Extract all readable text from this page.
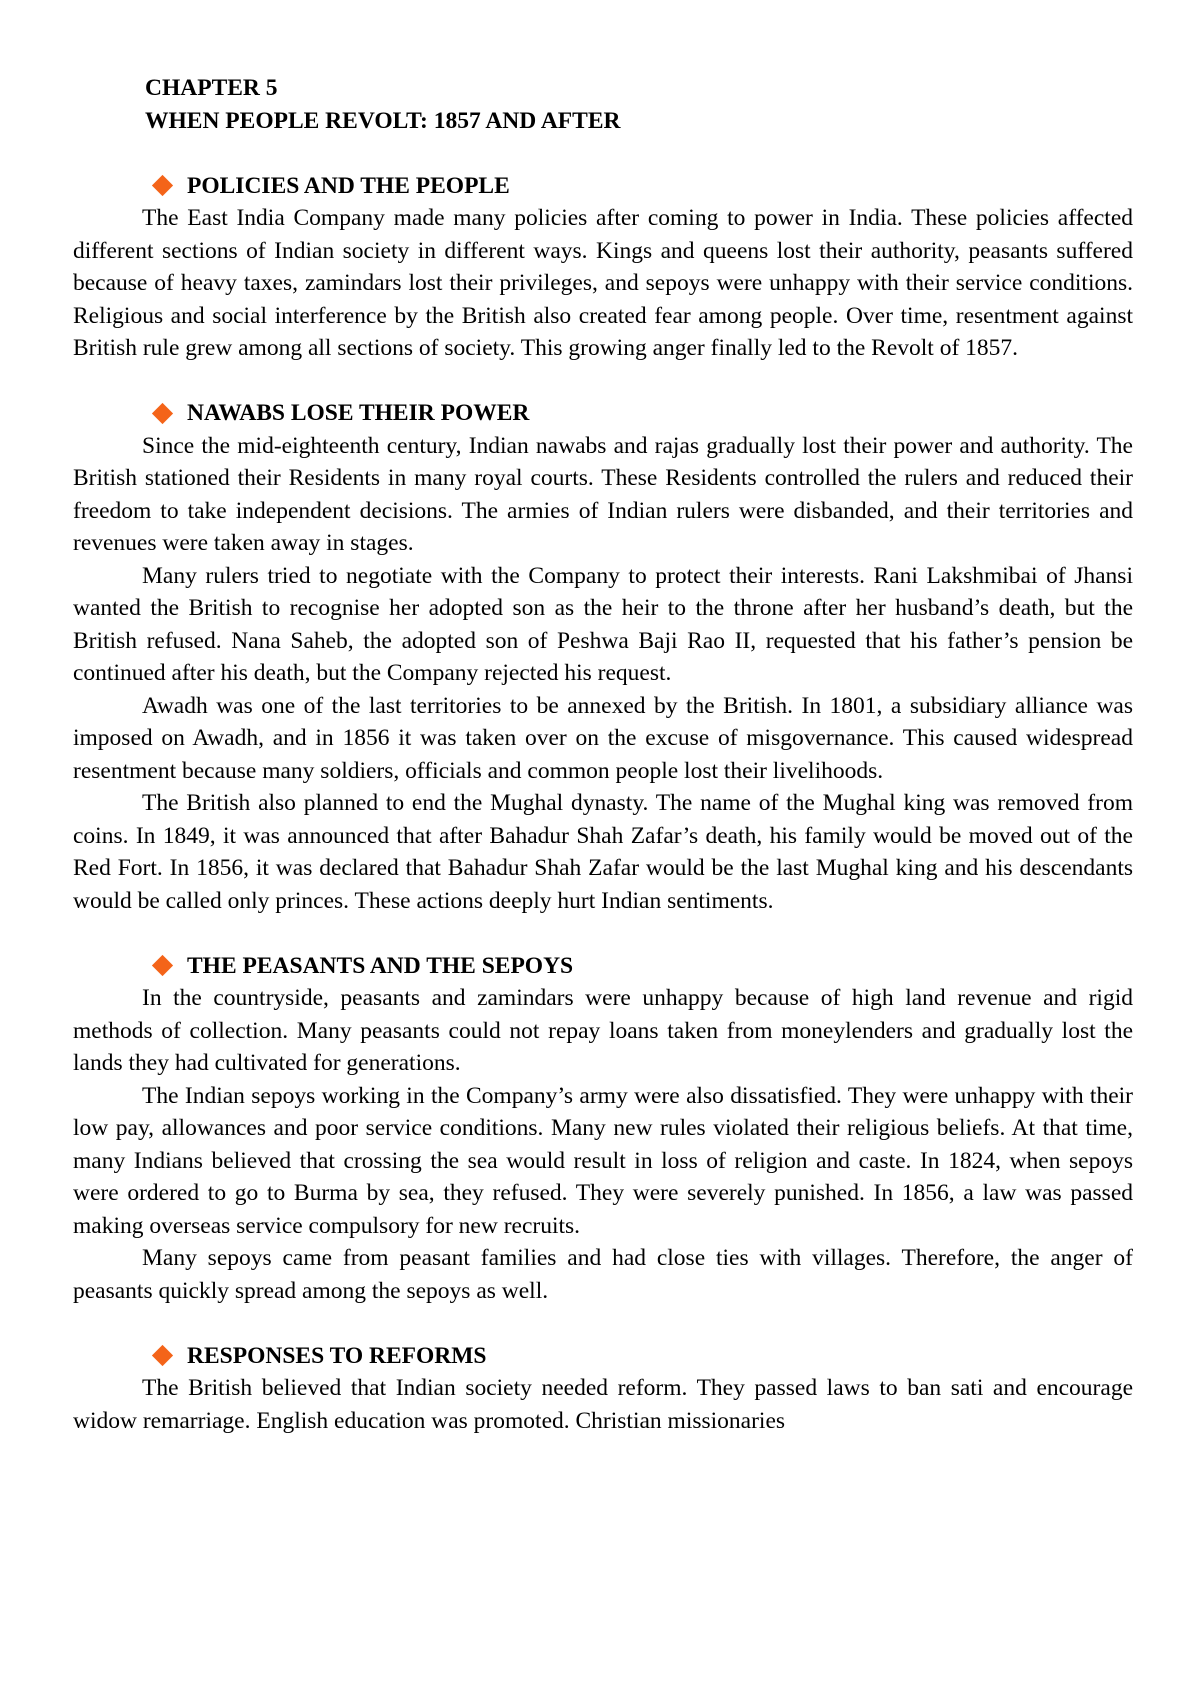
CHAPTER 5
WHEN PEOPLE REVOLT: 1857 AND AFTER
POLICIES AND THE PEOPLE

The East India Company made many policies after coming to power in India. These policies affected different sections of Indian society in different ways. Kings and queens lost their authority, peasants suffered because of heavy taxes, zamindars lost their privileges, and sepoys were unhappy with their service conditions. Religious and social interference by the British also created fear among people. Over time, resentment against British rule grew among all sections of society. This growing anger finally led to the Revolt of 1857.

NAWABS LOSE THEIR POWER

Since the mid-eighteenth century, Indian nawabs and rajas gradually lost their power and authority. The British stationed their Residents in many royal courts. These Residents controlled the rulers and reduced their freedom to take independent decisions. The armies of Indian rulers were disbanded, and their territories and revenues were taken away in stages.

Many rulers tried to negotiate with the Company to protect their interests. Rani Lakshmibai of Jhansi wanted the British to recognise her adopted son as the heir to the throne after her husband’s death, but the British refused. Nana Saheb, the adopted son of Peshwa Baji Rao II, requested that his father’s pension be continued after his death, but the Company rejected his request.

Awadh was one of the last territories to be annexed by the British. In 1801, a subsidiary alliance was imposed on Awadh, and in 1856 it was taken over on the excuse of misgovernance. This caused widespread resentment because many soldiers, officials and common people lost their livelihoods.

The British also planned to end the Mughal dynasty. The name of the Mughal king was removed from coins. In 1849, it was announced that after Bahadur Shah Zafar’s death, his family would be moved out of the Red Fort. In 1856, it was declared that Bahadur Shah Zafar would be the last Mughal king and his descendants would be called only princes. These actions deeply hurt Indian sentiments.

THE PEASANTS AND THE SEPOYS

In the countryside, peasants and zamindars were unhappy because of high land revenue and rigid methods of collection. Many peasants could not repay loans taken from moneylenders and gradually lost the lands they had cultivated for generations.

The Indian sepoys working in the Company’s army were also dissatisfied. They were unhappy with their low pay, allowances and poor service conditions. Many new rules violated their religious beliefs. At that time, many Indians believed that crossing the sea would result in loss of religion and caste. In 1824, when sepoys were ordered to go to Burma by sea, they refused. They were severely punished. In 1856, a law was passed making overseas service compulsory for new recruits.

Many sepoys came from peasant families and had close ties with villages. Therefore, the anger of peasants quickly spread among the sepoys as well.

RESPONSES TO REFORMS

The British believed that Indian society needed reform. They passed laws to ban sati and encourage widow remarriage. English education was promoted. Christian missionaries
